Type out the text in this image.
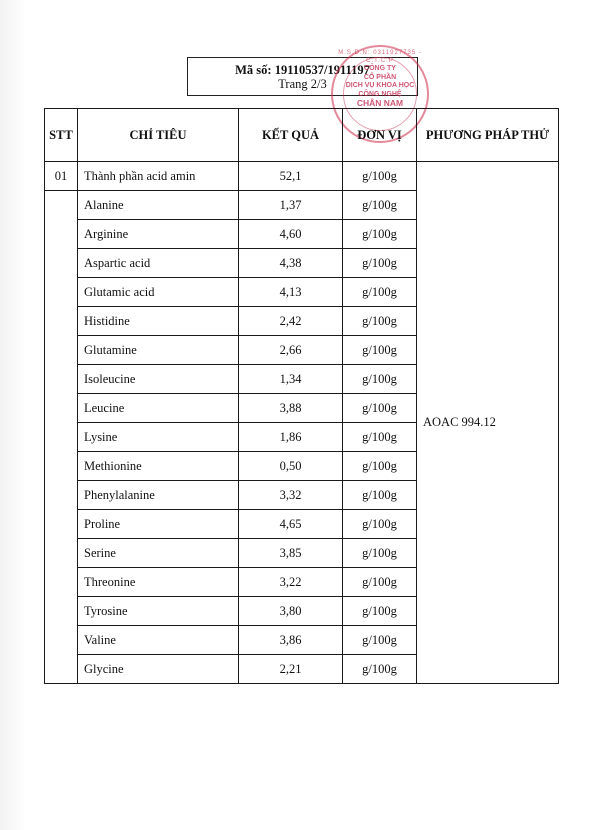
Mã số: 19110537/1911197
Trang 2/3
M.S.D.N: 0311927735 - C.T.C.P
CÔNG TY
CỔ PHẦN
DỊCH VỤ KHOA HỌC
CÔNG NGHỆ
CHÂN NAM
STT	CHỈ TIÊU	KẾT QUẢ	ĐƠN VỊ	PHƯƠNG PHÁP THỬ
01	Thành phần acid amin	52,1	g/100g	AOAC 994.12
	Alanine	1,37	g/100g	
	Arginine	4,60	g/100g	
	Aspartic acid	4,38	g/100g	
	Glutamic acid	4,13	g/100g	
	Histidine	2,42	g/100g	
	Glutamine	2,66	g/100g	
	Isoleucine	1,34	g/100g	
	Leucine	3,88	g/100g	
	Lysine	1,86	g/100g	
	Methionine	0,50	g/100g	
	Phenylalanine	3,32	g/100g	
	Proline	4,65	g/100g	
	Serine	3,85	g/100g	
	Threonine	3,22	g/100g	
	Tyrosine	3,80	g/100g	
	Valine	3,86	g/100g	
	Glycine	2,21	g/100g	
